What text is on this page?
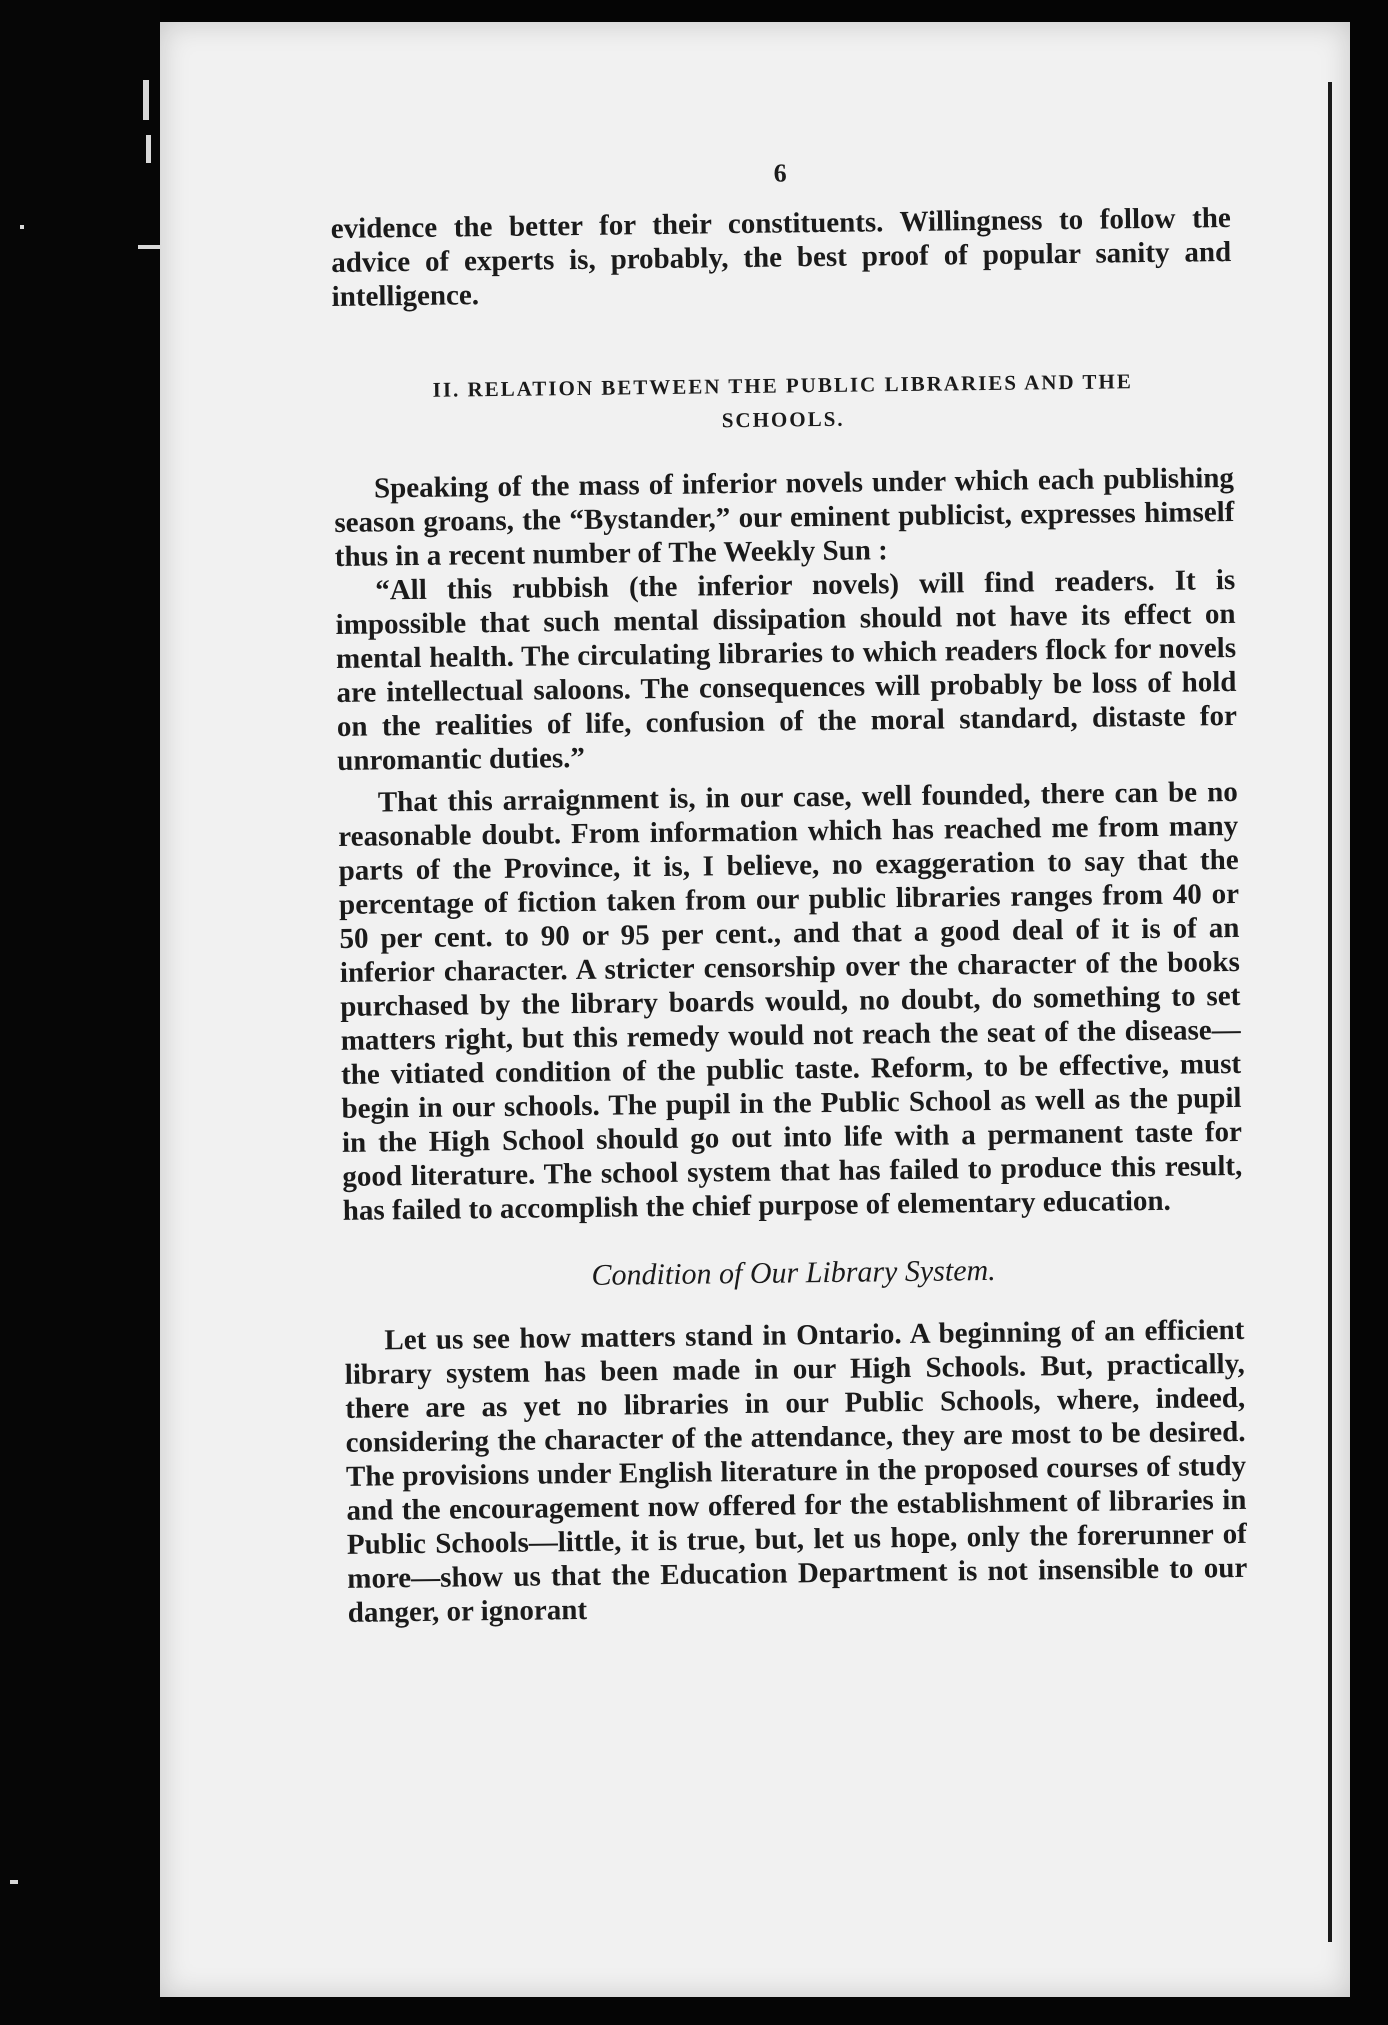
6

evidence the better for their constituents. Willingness to follow the advice of experts is, probably, the best proof of popular sanity and intelligence.

II. RELATION BETWEEN THE PUBLIC LIBRARIES AND THE SCHOOLS.

Speaking of the mass of inferior novels under which each publishing season groans, the “Bystander,” our eminent publicist, expresses himself thus in a recent number of The Weekly Sun :

“All this rubbish (the inferior novels) will find readers. It is impossible that such mental dissipation should not have its effect on mental health. The circulating libraries to which readers flock for novels are intellectual saloons. The consequences will probably be loss of hold on the realities of life, confusion of the moral standard, distaste for unromantic duties.”

That this arraignment is, in our case, well founded, there can be no reasonable doubt. From information which has reached me from many parts of the Province, it is, I believe, no exaggeration to say that the percentage of fiction taken from our public libraries ranges from 40 or 50 per cent. to 90 or 95 per cent., and that a good deal of it is of an inferior character. A stricter censorship over the character of the books purchased by the library boards would, no doubt, do something to set matters right, but this remedy would not reach the seat of the disease—the vitiated condition of the public taste. Reform, to be effective, must begin in our schools. The pupil in the Public School as well as the pupil in the High School should go out into life with a permanent taste for good literature. The school system that has failed to produce this result, has failed to accomplish the chief purpose of elementary education.

Condition of Our Library System.

Let us see how matters stand in Ontario. A beginning of an efficient library system has been made in our High Schools. But, practically, there are as yet no libraries in our Public Schools, where, indeed, considering the character of the attendance, they are most to be desired. The provisions under English literature in the proposed courses of study and the encouragement now offered for the establishment of libraries in Public Schools—little, it is true, but, let us hope, only the forerunner of more—show us that the Education Department is not insensible to our danger, or ignorant
